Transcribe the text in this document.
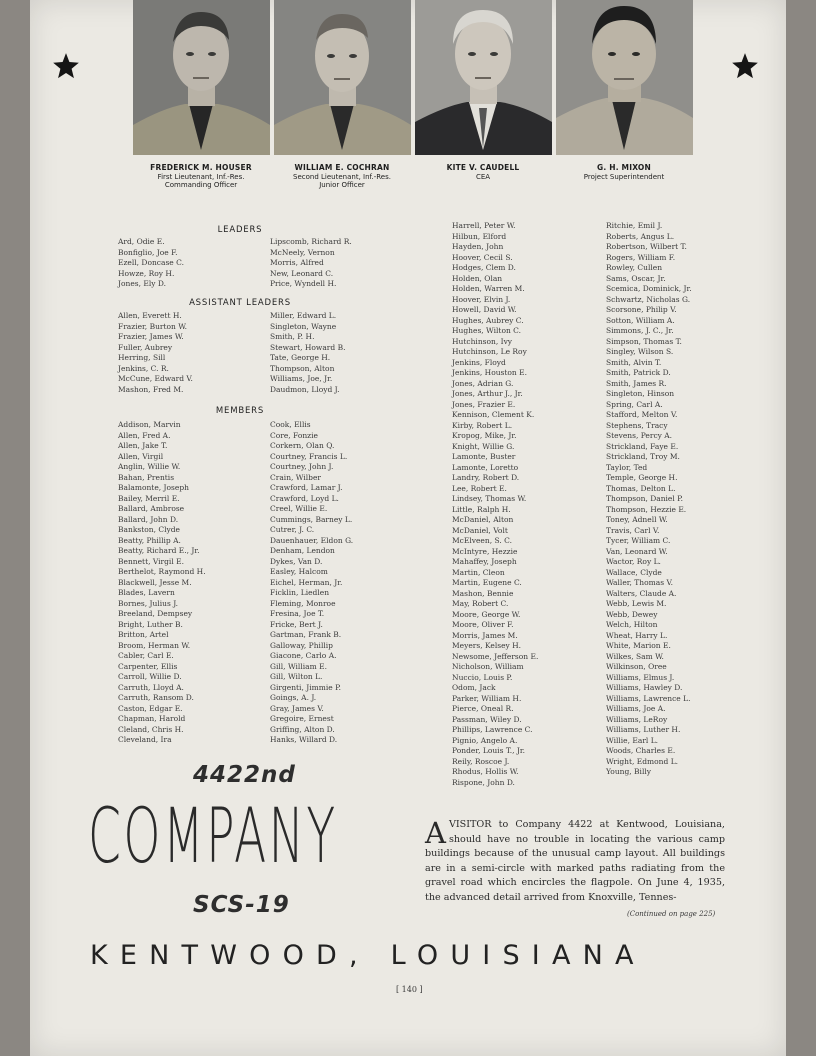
FREDERICK M. HOUSER
First Lieutenant, Inf.-Res.
Commanding Officer
WILLIAM E. COCHRAN
Second Lieutenant, Inf.-Res.
Junior Officer
KITE V. CAUDELL
CEA
G. H. MIXON
Project Superintendent
LEADERS
ASSISTANT LEADERS
MEMBERS
Ard, Odie E.
Bonfiglio, Joe F.
Ezell, Doncase C.
Howze, Roy H.
Jones, Ely D.
Lipscomb, Richard R.
McNeely, Vernon
Morris, Alfred
New, Leonard C.
Price, Wyndell H.
Allen, Everett H.
Frazier, Burton W.
Frazier, James W.
Fuller, Aubrey
Herring, Sill
Jenkins, C. R.
McCune, Edward V.
Mashon, Fred M.
Miller, Edward L.
Singleton, Wayne
Smith, P. H.
Stewart, Howard B.
Tate, George H.
Thompson, Alton
Williams, Joe, Jr.
Daudmon, Lloyd J.
Addison, Marvin
Allen, Fred A.
Allen, Jake T.
Allen, Virgil
Anglin, Willie W.
Bahan, Prentis
Balamonte, Joseph
Bailey, Merril E.
Ballard, Ambrose
Ballard, John D.
Bankston, Clyde
Beatty, Phillip A.
Beatty, Richard E., Jr.
Bennett, Virgil E.
Berthelot, Raymond H.
Blackwell, Jesse M.
Blades, Lavern
Bornes, Julius J.
Breeland, Dempsey
Bright, Luther B.
Britton, Artel
Broom, Herman W.
Cabler, Carl E.
Carpenter, Ellis
Carroll, Willie D.
Carruth, Lloyd A.
Carruth, Ransom D.
Caston, Edgar E.
Chapman, Harold
Cleland, Chris H.
Cleveland, Ira
Cook, Ellis
Core, Fonzie
Corkern, Olan Q.
Courtney, Francis L.
Courtney, John J.
Crain, Wilber
Crawford, Lamar J.
Crawford, Loyd L.
Creel, Willie E.
Cummings, Barney L.
Cutrer, J. C.
Dauenhauer, Eldon G.
Denham, Lendon
Dykes, Van D.
Easley, Halcom
Eichel, Herman, Jr.
Ficklin, Liedlen
Fleming, Monroe
Fresina, Joe T.
Fricke, Bert J.
Gartman, Frank B.
Galloway, Phillip
Giacone, Carlo A.
Gill, William E.
Gill, Wilton L.
Girgenti, Jimmie P.
Goings, A. J.
Gray, James V.
Gregoire, Ernest
Griffing, Alton D.
Hanks, Willard D.
Harrell, Peter W.
Hilbun, Elford
Hayden, John
Hoover, Cecil S.
Hodges, Clem D.
Holden, Olan
Holden, Warren M.
Hoover, Elvin J.
Howell, David W.
Hughes, Aubrey C.
Hughes, Wilton C.
Hutchinson, Ivy
Hutchinson, Le Roy
Jenkins, Floyd
Jenkins, Houston E.
Jones, Adrian G.
Jones, Arthur J., Jr.
Jones, Frazier E.
Kennison, Clement K.
Kirby, Robert L.
Kropog, Mike, Jr.
Knight, Willie G.
Lamonte, Buster
Lamonte, Loretto
Landry, Robert D.
Lee, Robert E.
Lindsey, Thomas W.
Little, Ralph H.
McDaniel, Alton
McDaniel, Volt
McElveen, S. C.
McIntyre, Hezzie
Mahaffey, Joseph
Martin, Cleon
Martin, Eugene C.
Mashon, Bennie
May, Robert C.
Moore, George W.
Moore, Oliver F.
Morris, James M.
Meyers, Kelsey H.
Newsome, Jefferson E.
Nicholson, William
Nuccio, Louis P.
Odom, Jack
Parker, William H.
Pierce, Oneal R.
Passman, Wiley D.
Phillips, Lawrence C.
Pignio, Angelo A.
Ponder, Louis T., Jr.
Reily, Roscoe J.
Rhodus, Hollis W.
Rispone, John D.
Ritchie, Emil J.
Roberts, Angus L.
Robertson, Wilbert T.
Rogers, William F.
Rowley, Cullen
Sams, Oscar, Jr.
Scemica, Dominick, Jr.
Schwartz, Nicholas G.
Scorsone, Philip V.
Sotton, William A.
Simmons, J. C., Jr.
Simpson, Thomas T.
Singley, Wilson S.
Smith, Alvin T.
Smith, Patrick D.
Smith, James R.
Singleton, Hinson
Spring, Carl A.
Stafford, Melton V.
Stephens, Tracy
Stevens, Percy A.
Strickland, Faye E.
Strickland, Troy M.
Taylor, Ted
Temple, George H.
Thomas, Delton L.
Thompson, Daniel P.
Thompson, Hezzie E.
Toney, Adnell W.
Travis, Carl V.
Tycer, William C.
Van, Leonard W.
Wactor, Roy L.
Wallace, Clyde
Waller, Thomas V.
Walters, Claude A.
Webb, Lewis M.
Webb, Dewey
Welch, Hilton
Wheat, Harry L.
White, Marion E.
Wilkes, Sam W.
Wilkinson, Oree
Williams, Elmus J.
Williams, Hawley D.
Williams, Lawrence L.
Williams, Joe A.
Williams, LeRoy
Williams, Luther H.
Willie, Earl L.
Woods, Charles E.
Wright, Edmond L.
Young, Billy
4422nd
COMPANY
SCS-19
AVISITOR to Company 4422 at Kentwood, Louisiana, should have no trouble in locating the various camp buildings because of the unusual camp layout. All buildings are in a semi-circle with marked paths radiating from the gravel road which encircles the flagpole. On June 4, 1935, the advanced detail arrived from Knoxville, Tennes-
(Continued on page 225)
KENTWOOD, LOUISIANA
[ 140 ]
